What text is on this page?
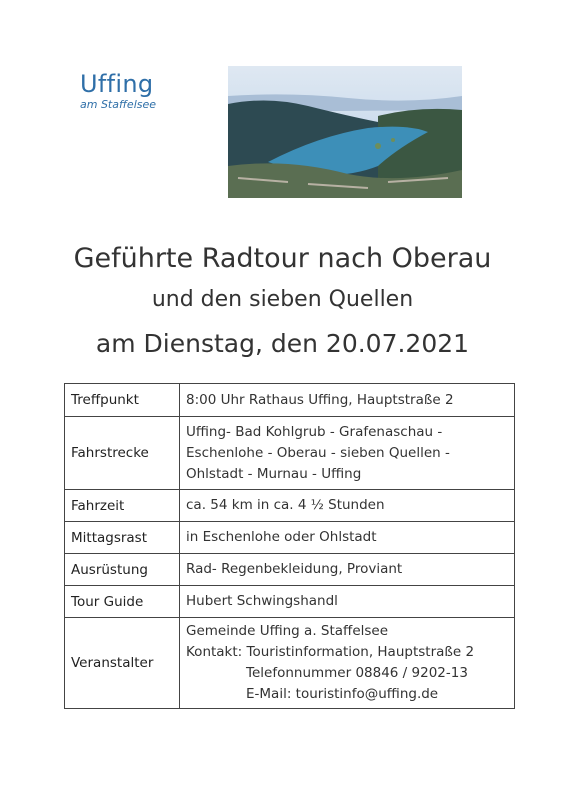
Uffing
am Staffelsee
Geführte Radtour nach Oberau
und den sieben Quellen
am Dienstag, den 20.07.2021
Treffpunkt	8:00 Uhr Rathaus Uffing, Hauptstraße 2

Fahrstrecke	Uffing- Bad Kohlgrub - Grafenaschau -
Eschenlohe - Oberau - sieben Quellen -
Ohlstadt - Murnau - Uffing

Fahrzeit	ca. 54 km in ca. 4 ½ Stunden

Mittagsrast	in Eschenlohe oder Ohlstadt

Ausrüstung	Rad- Regenbekleidung, Proviant

Tour Guide	Hubert Schwingshandl

Veranstalter	Gemeinde Uffing a. Staffelsee
Kontakt: Touristinformation, Hauptstraße 2
Telefonnummer 08846 / 9202-13
E-Mail: touristinfo@uffing.de
